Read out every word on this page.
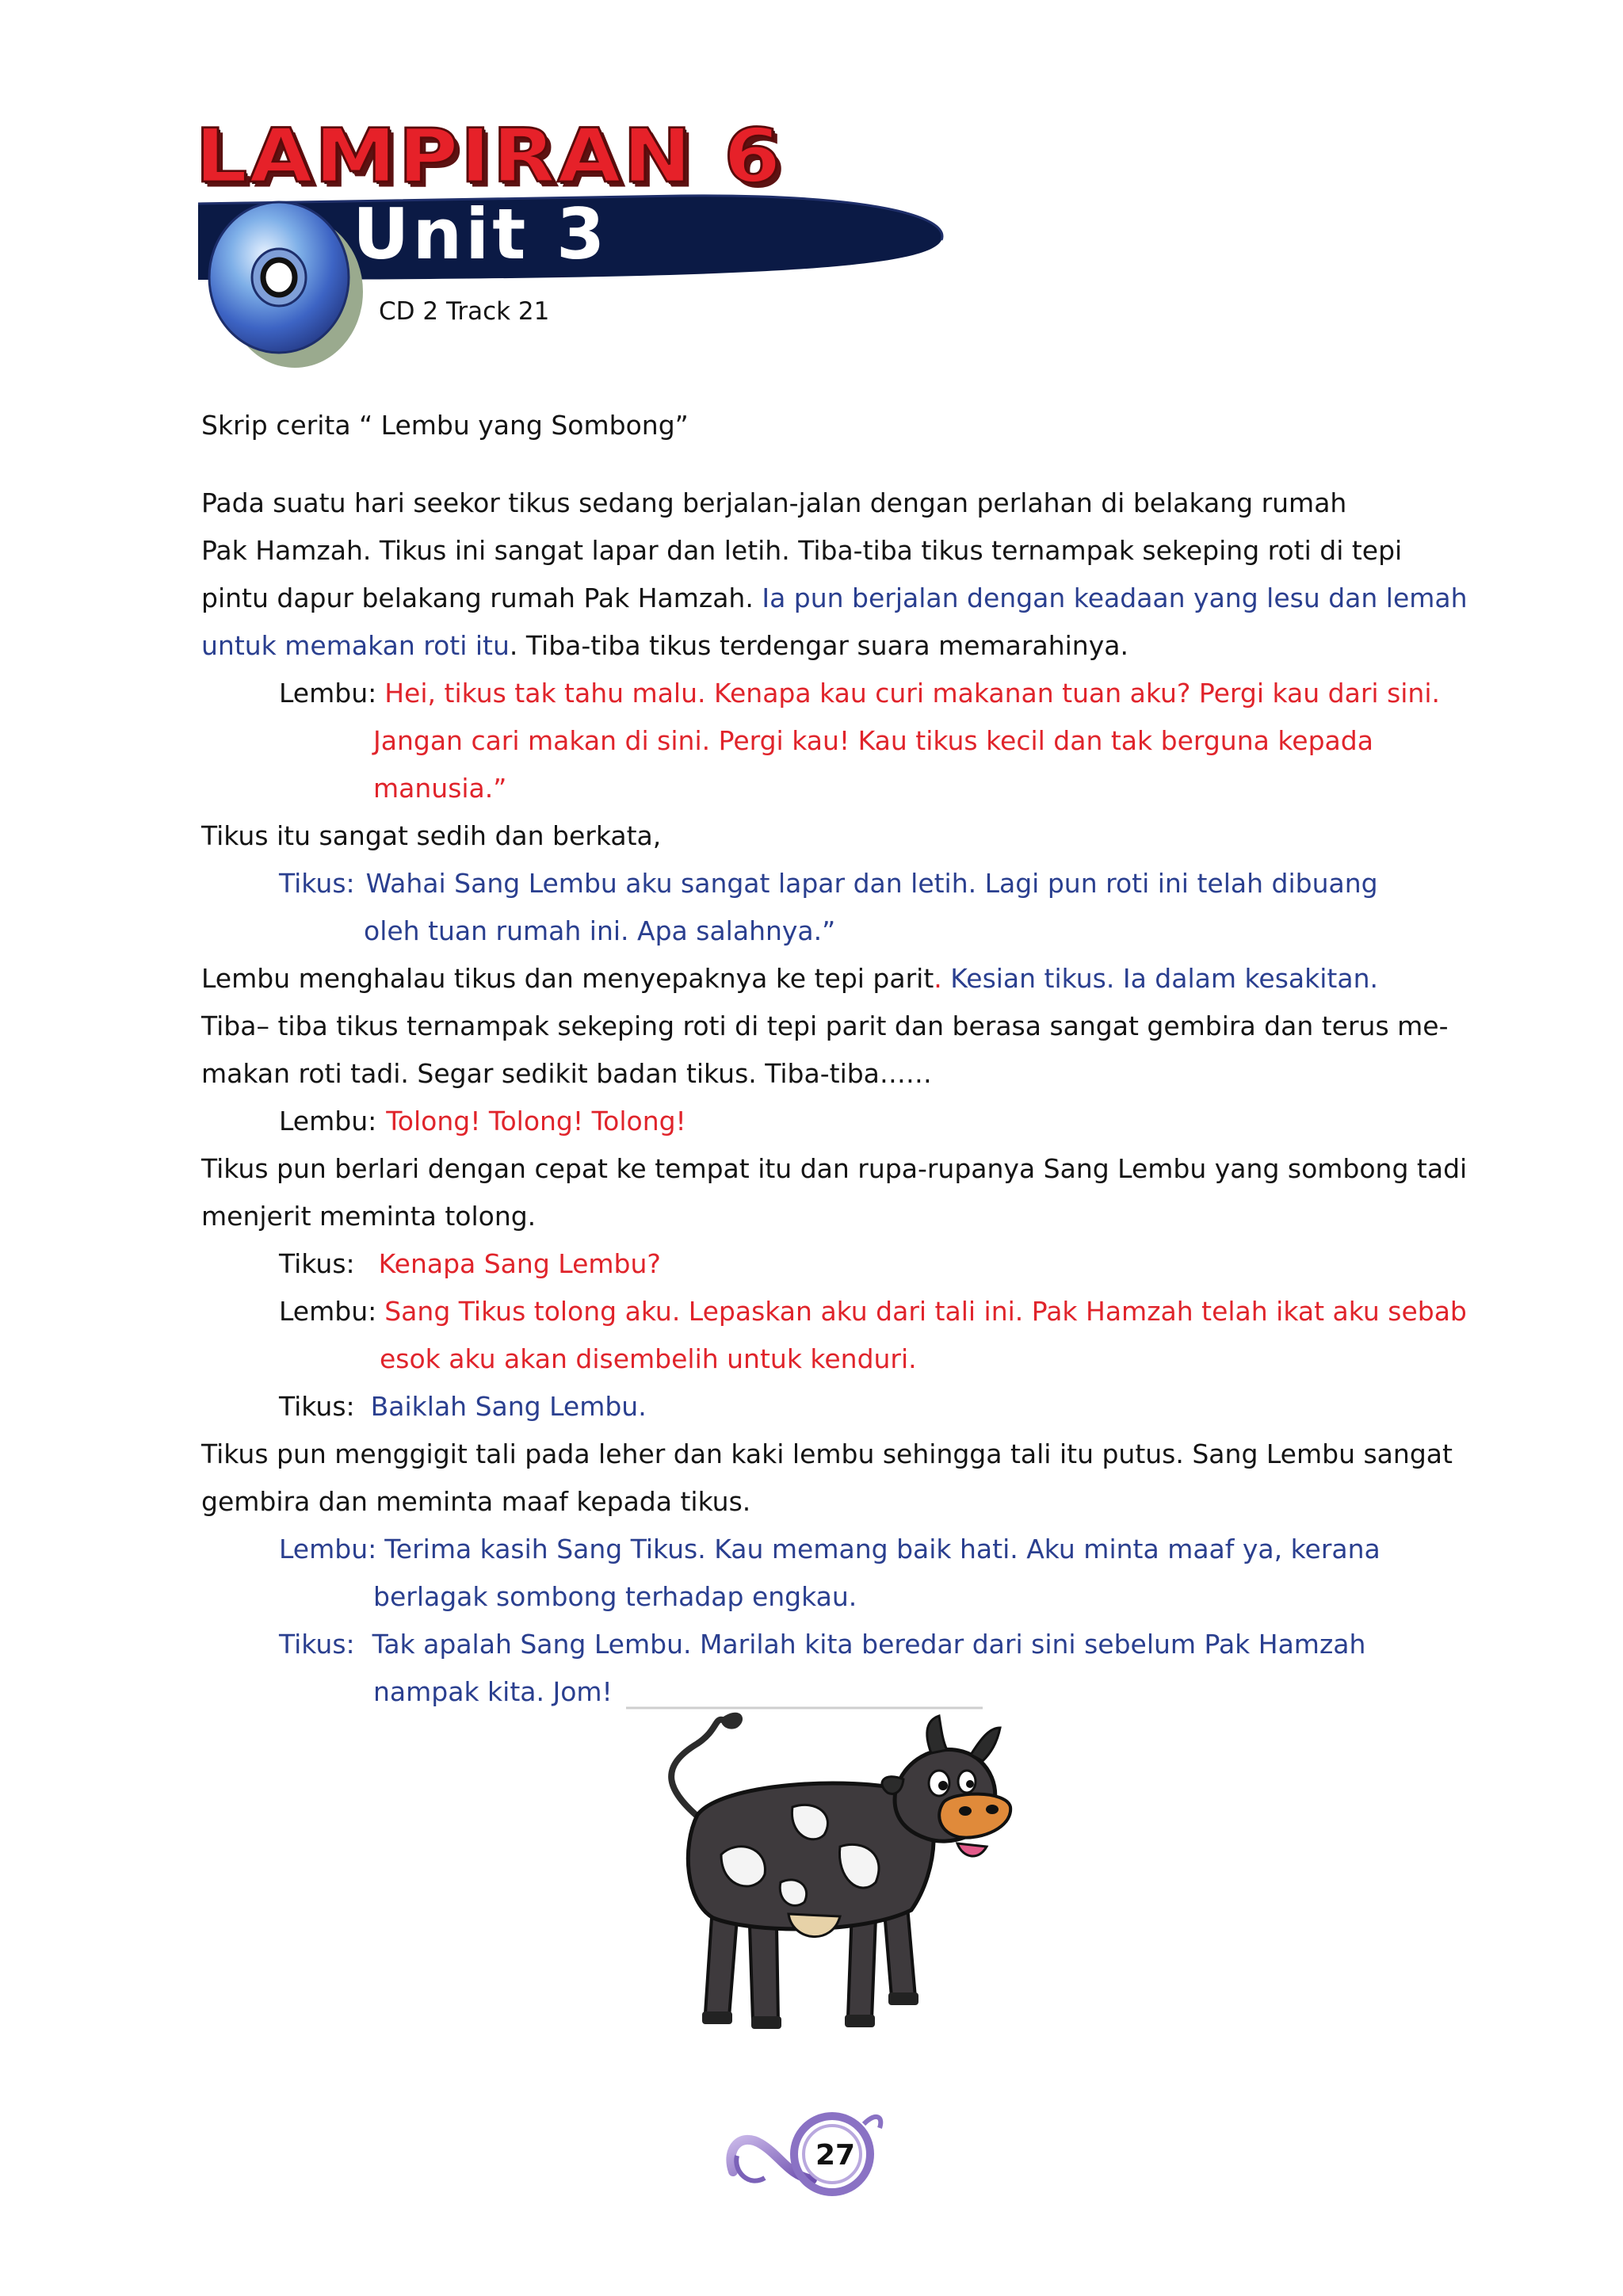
LAMPIRAN 6
Unit 3
CD 2 Track 21
Skrip cerita “ Lembu yang Sombong”
Pada suatu hari seekor tikus sedang berjalan-jalan dengan perlahan di belakang rumah
Pak Hamzah. Tikus ini sangat lapar dan letih. Tiba-tiba tikus ternampak sekeping roti di tepi
pintu dapur belakang rumah Pak Hamzah. Ia pun berjalan dengan keadaan yang lesu dan lemah
untuk memakan roti itu. Tiba-tiba tikus terdengar suara memarahinya.
Lembu: Hei, tikus tak tahu malu. Kenapa kau curi makanan tuan aku? Pergi kau dari sini.
Jangan cari makan di sini. Pergi kau! Kau tikus kecil dan tak berguna kepada
manusia.”
Tikus itu sangat sedih dan berkata,
Tikus: Wahai Sang Lembu aku sangat lapar dan letih. Lagi pun roti ini telah dibuang
oleh tuan rumah ini. Apa salahnya.”
Lembu menghalau tikus dan menyepaknya ke tepi parit. Kesian tikus. Ia dalam kesakitan.
Tiba– tiba tikus ternampak sekeping roti di tepi parit dan berasa sangat gembira dan terus me-
makan roti tadi. Segar sedikit badan tikus. Tiba-tiba……
Lembu: Tolong! Tolong! Tolong!
Tikus pun berlari dengan cepat ke tempat itu dan rupa-rupanya Sang Lembu yang sombong tadi
menjerit meminta tolong.
Tikus: Kenapa Sang Lembu?
Lembu: Sang Tikus tolong aku. Lepaskan aku dari tali ini. Pak Hamzah telah ikat aku sebab
esok aku akan disembelih untuk kenduri.
Tikus: Baiklah Sang Lembu.
Tikus pun menggigit tali pada leher dan kaki lembu sehingga tali itu putus. Sang Lembu sangat
gembira dan meminta maaf kepada tikus.
Lembu: Terima kasih Sang Tikus. Kau memang baik hati. Aku minta maaf ya, kerana
berlagak sombong terhadap engkau.
Tikus: Tak apalah Sang Lembu. Marilah kita beredar dari sini sebelum Pak Hamzah
nampak kita. Jom!
27
